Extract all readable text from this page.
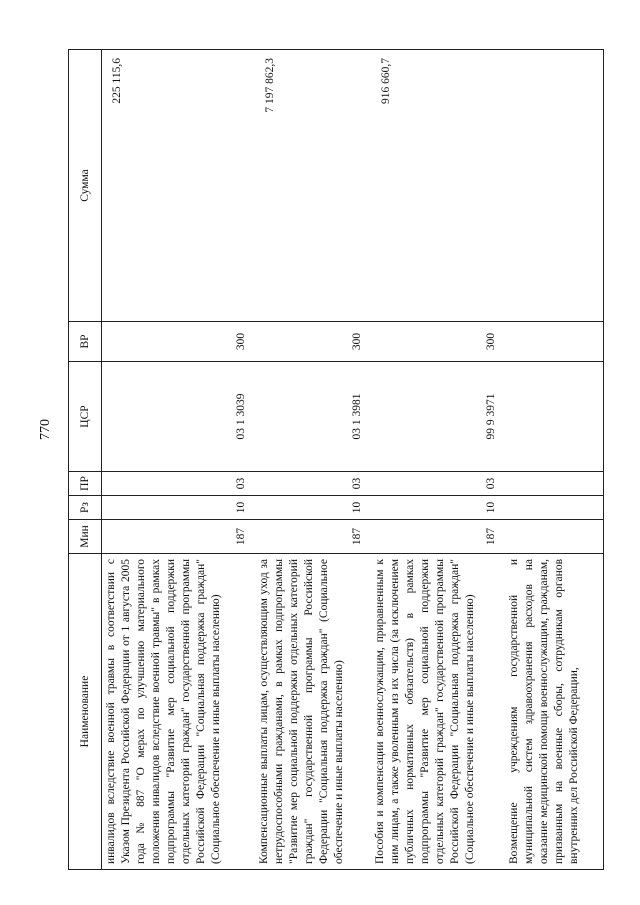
770
Наименование	Мин	Рз	ПР	ЦСР	ВР	Сумма
инвалидов вследствие военной травмы в соответствии с Указом Президента Российской Федерации от 1 августа 2005 года № 887 "О мерах по улучшению материального положения инвалидов вследствие военной травмы" в рамках подпрограммы "Развитие мер социальной поддержки отдельных категорий граждан" государственной программы Российской Федерации "Социальная поддержка граждан" (Социальное обеспечение и иные выплаты населению)	187	10	03	03 1 3039	300	225 115,6
Компенсационные выплаты лицам, осуществляющим уход за нетрудоспособными гражданами, в рамках подпрограммы "Развитие мер социальной поддержки отдельных категорий граждан" государственной программы Российской Федерации "Социальная поддержка граждан" (Социальное обеспечение и иные выплаты населению)	187	10	03	03 1 3981	300	7 197 862,3
Пособия и компенсации военнослужащим, приравненным к ним лицам, а также уволенным из их числа (за исключением публичных нормативных обязательств) в рамках подпрограммы "Развитие мер социальной поддержки отдельных категорий граждан" государственной программы Российской Федерации "Социальная поддержка граждан" (Социальное обеспечение и иные выплаты населению)	187	10	03	99 9 3971	300	916 660,7
Возмещение учреждениям государственной и муниципальной систем здравоохранения расходов на оказание медицинской помощи военнослужащим, гражданам, призванным на военные сборы, сотрудникам органов внутренних дел Российской Федерации,						
